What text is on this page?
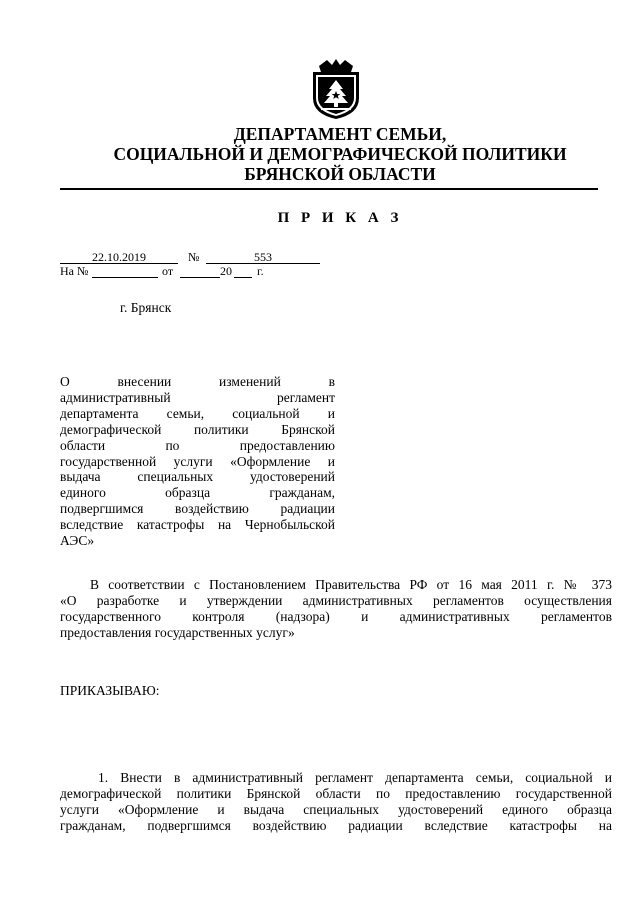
ДЕПАРТАМЕНТ СЕМЬИ,
СОЦИАЛЬНОЙ И ДЕМОГРАФИЧЕСКОЙ ПОЛИТИКИ
БРЯНСКОЙ ОБЛАСТИ
П Р И К А З
22.10.2019	№	553
На №	от	20 г.
г. Брянск
О внесении изменений в
административный регламент
департамента семьи, социальной и
демографической политики Брянской
области по предоставлению
государственной услуги «Оформление и
выдача специальных удостоверений
единого образца гражданам,
подвергшимся воздействию радиации
вследствие катастрофы на Чернобыльской
АЭС»
В соответствии с Постановлением Правительства РФ от 16 мая 2011 г. № 373
«О разработке и утверждении административных регламентов осуществления
государственного контроля (надзора) и административных регламентов
предоставления государственных услуг»
ПРИКАЗЫВАЮ:
1. Внести в административный регламент департамента семьи, социальной и
демографической политики Брянской области по предоставлению государственной
услуги «Оформление и выдача специальных удостоверений единого образца
гражданам, подвергшимся воздействию радиации вследствие катастрофы на
